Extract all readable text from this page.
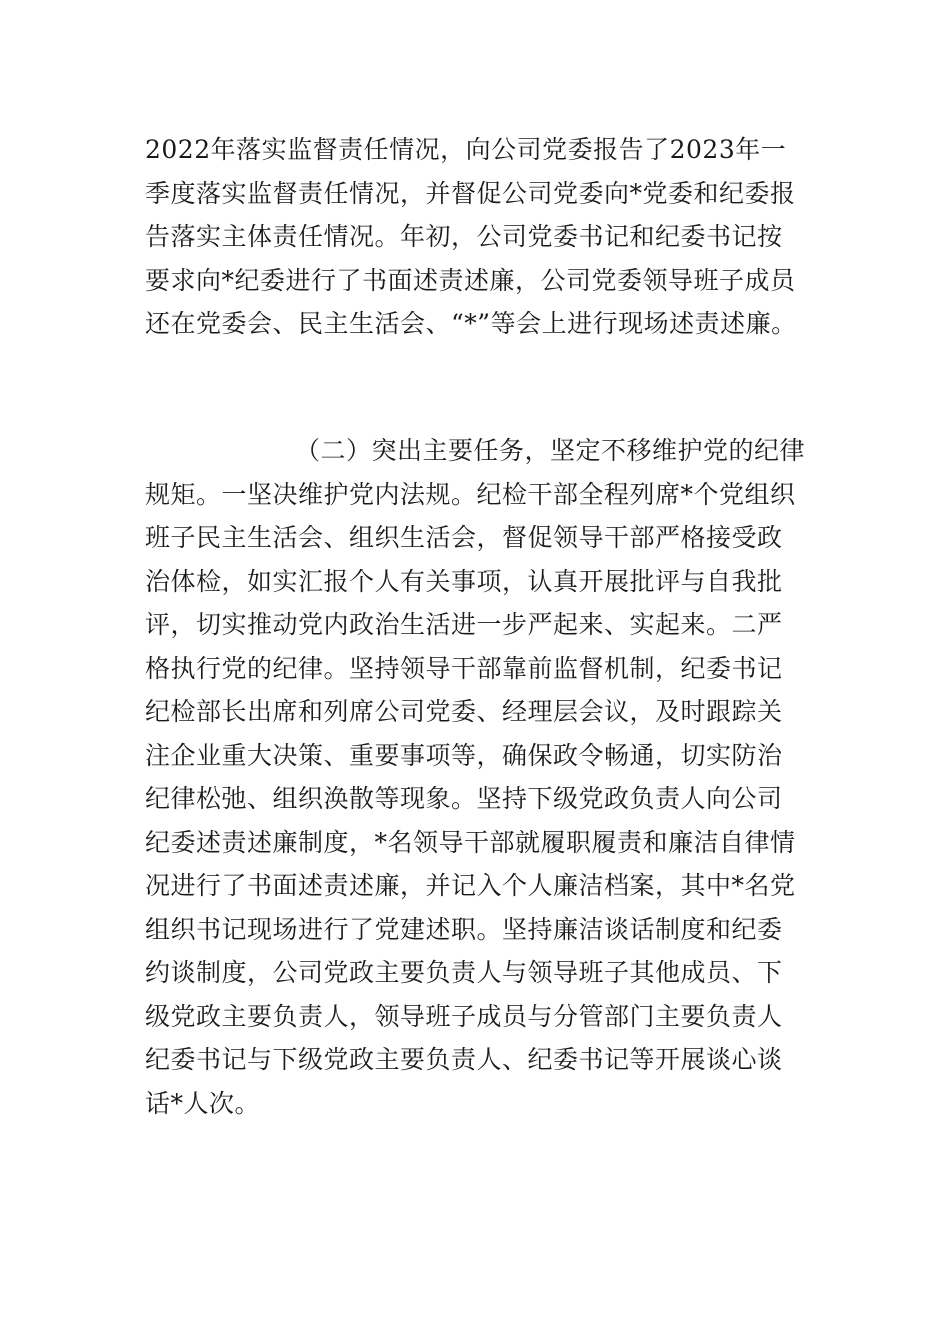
2022年落实监督责任情况，向公司党委报告了2023年一
季度落实监督责任情况，并督促公司党委向*党委和纪委报
告落实主体责任情况。年初，公司党委书记和纪委书记按
要求向*纪委进行了书面述责述廉，公司党委领导班子成员
还在党委会、民主生活会、“*”等会上进行现场述责述廉。
（二）突出主要任务，坚定不移维护党的纪律
规矩。一坚决维护党内法规。纪检干部全程列席*个党组织
班子民主生活会、组织生活会，督促领导干部严格接受政
治体检，如实汇报个人有关事项，认真开展批评与自我批
评，切实推动党内政治生活进一步严起来、实起来。二严
格执行党的纪律。坚持领导干部靠前监督机制，纪委书记
纪检部长出席和列席公司党委、经理层会议，及时跟踪关
注企业重大决策、重要事项等，确保政令畅通，切实防治
纪律松弛、组织涣散等现象。坚持下级党政负责人向公司
纪委述责述廉制度，*名领导干部就履职履责和廉洁自律情
况进行了书面述责述廉，并记入个人廉洁档案，其中*名党
组织书记现场进行了党建述职。坚持廉洁谈话制度和纪委
约谈制度，公司党政主要负责人与领导班子其他成员、下
级党政主要负责人，领导班子成员与分管部门主要负责人
纪委书记与下级党政主要负责人、纪委书记等开展谈心谈
话*人次。
